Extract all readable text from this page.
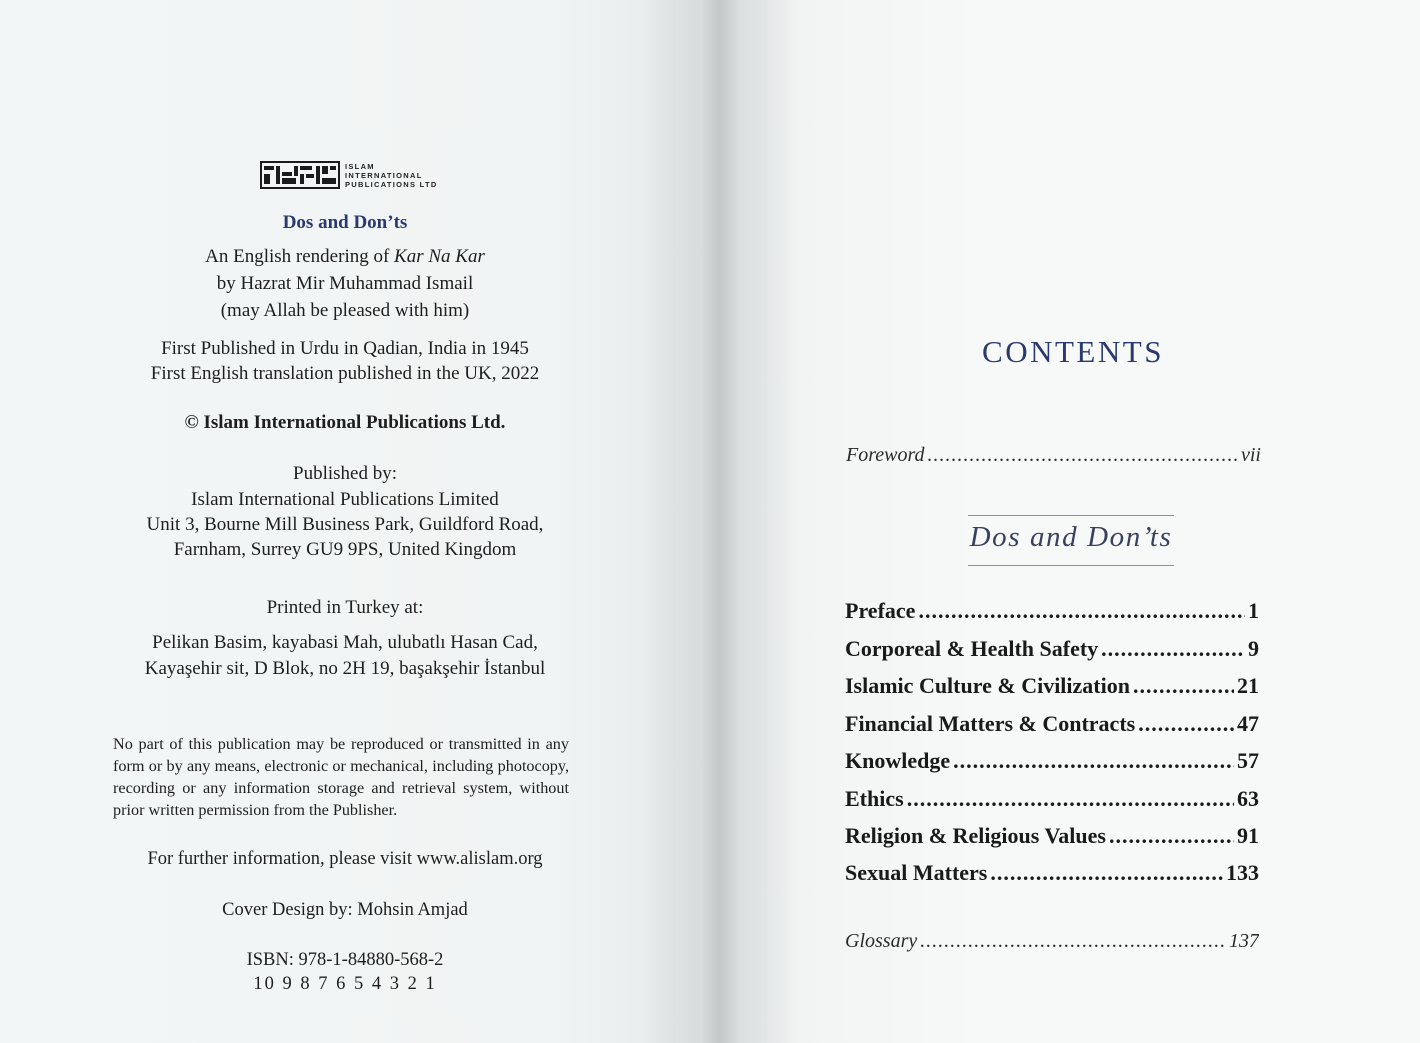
ISLAM
INTERNATIONAL
PUBLICATIONS LTD
Dos and Don’ts
An English rendering of Kar Na Kar
by Hazrat Mir Muhammad Ismail
(may Allah be pleased with him)
First Published in Urdu in Qadian, India in 1945
First English translation published in the UK, 2022
© Islam International Publications Ltd.
Published by:
Islam International Publications Limited
Unit 3, Bourne Mill Business Park, Guildford Road,
Farnham, Surrey GU9 9PS, United Kingdom
Printed in Turkey at:
Pelikan Basim, kayabasi Mah, ulubatlı Hasan Cad,
Kayaşehir sit, D Blok, no 2H 19, başakşehir İstanbul
No part of this publication may be reproduced or transmitted in any form or by any means, electronic or mechanical, including photocopy, recording or any information storage and retrieval system, without prior written permission from the Publisher.
For further information, please visit www.alislam.org
Cover Design by: Mohsin Amjad
ISBN: 978-1-84880-568-2
10 9 8 7 6 5 4 3 2 1
CONTENTS
Foreword .....	vii
Dos and Don’ts
Preface .....	1
Corporeal & Health Safety .....	9
Islamic Culture & Civilization .....	21
Financial Matters & Contracts .....	47
Knowledge .....	57
Ethics .....	63
Religion & Religious Values .....	91
Sexual Matters .....	133
Glossary .....	137
